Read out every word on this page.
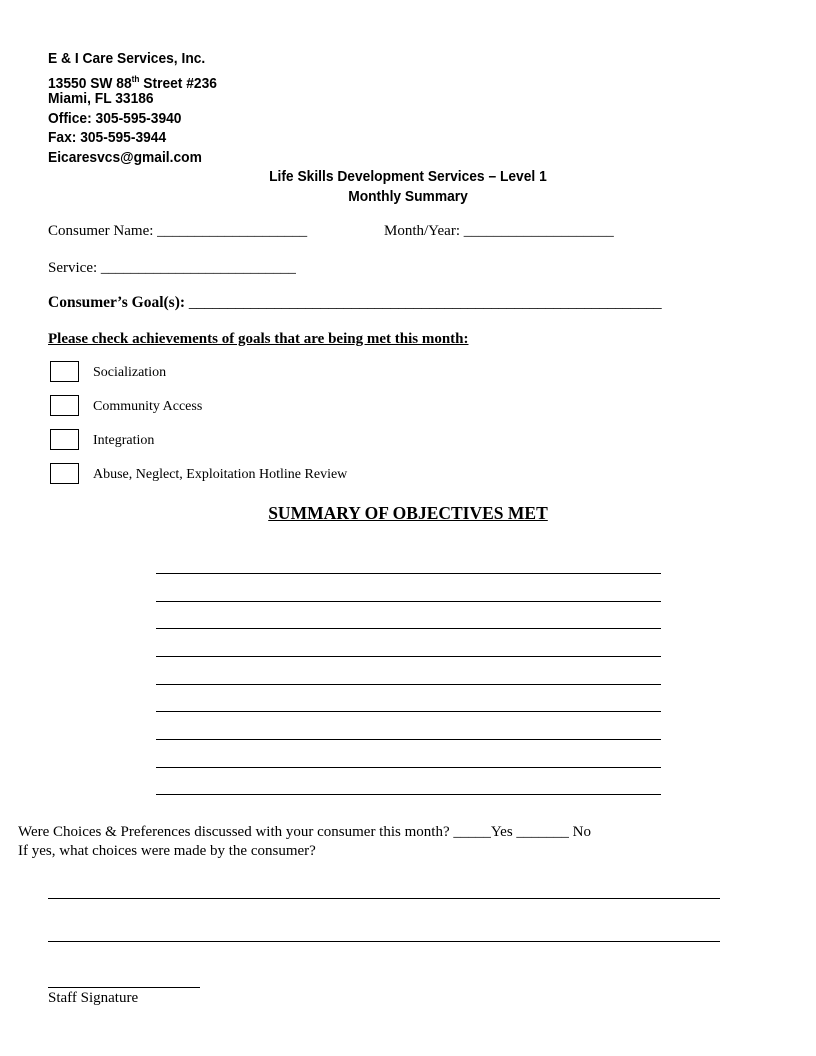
E & I Care Services, Inc.
13550 SW 88th Street #236
Miami, FL 33186
Office: 305-595-3940
Fax: 305-595-3944
Eicaresvcs@gmail.com
Life Skills Development Services – Level 1
Monthly Summary
Consumer Name: ____________________	Month/Year: ____________________
Service: __________________________
Consumer’s Goal(s): _____________________________________________________________
Please check achievements of goals that are being met this month:
Socialization
Community Access
Integration
Abuse, Neglect, Exploitation Hotline Review
SUMMARY OF OBJECTIVES MET
Were Choices & Preferences discussed with your consumer this month? _____Yes _______ No
If yes, what choices were made by the consumer?
Staff Signature
